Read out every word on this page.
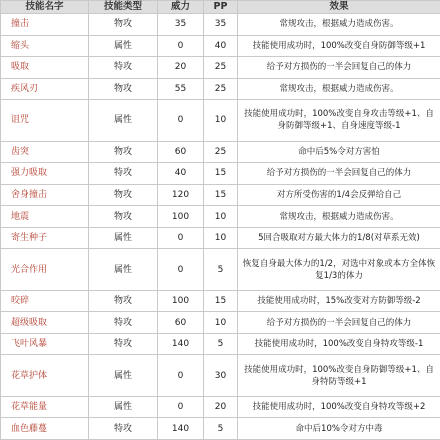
技能名字	技能类型	威力	PP	效果
撞击	物攻	35	35	常规攻击，根据威力造成伤害。
缩头	属性	0	40	技能使用成功时，100%改变自身防御等级+1
吸取	特攻	20	25	给予对方损伤的一半会回复自己的体力
疾风刃	物攻	55	25	常规攻击，根据威力造成伤害。
诅咒	属性	0	10	技能使用成功时，100%改变自身攻击等级+1、自身防御等级+1、自身速度等级-1
齿突	物攻	60	25	命中后5%令对方害怕
强力吸取	特攻	40	15	给予对方损伤的一半会回复自己的体力
舍身撞击	物攻	120	15	对方所受伤害的1/4会反弹给自己
地震	物攻	100	10	常规攻击，根据威力造成伤害。
寄生种子	属性	0	10	5回合吸取对方最大体力的1/8(对草系无效)
光合作用	属性	0	5	恢复自身最大体力的1/2，对选中对象或本方全体恢复1/3的体力
咬碎	物攻	100	15	技能使用成功时，15%改变对方防御等级-2
超级吸取	特攻	60	10	给予对方损伤的一半会回复自己的体力
飞叶风暴	特攻	140	5	技能使用成功时，100%改变自身特攻等级-1
花草护体	属性	0	30	技能使用成功时，100%改变自身防御等级+1、自身特防等级+1
花草能量	属性	0	20	技能使用成功时，100%改变自身特攻等级+2
血色藤蔓	特攻	140	5	命中后10%令对方中毒
